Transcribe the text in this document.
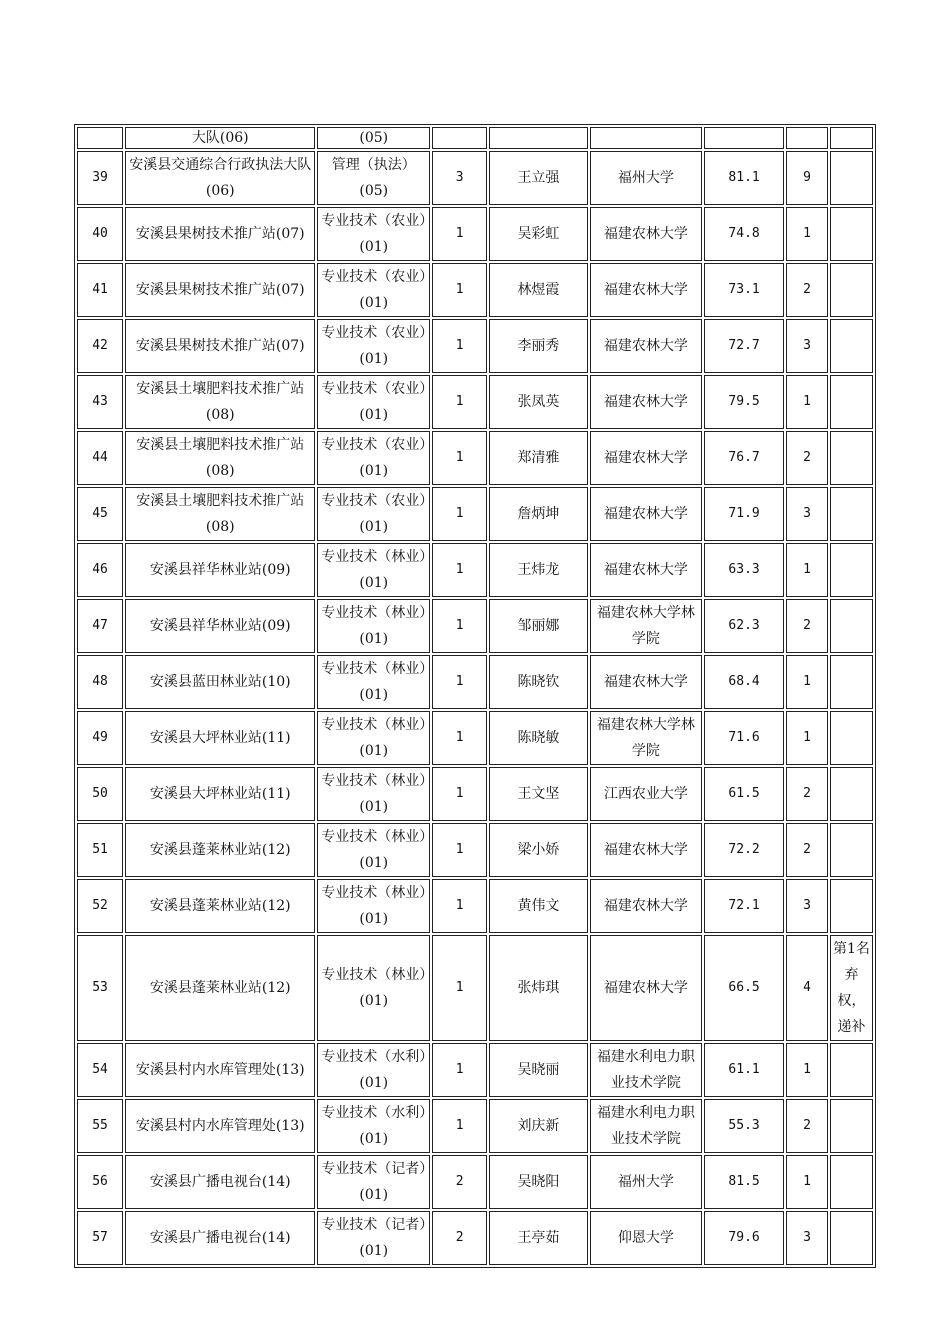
	大队(06)	(05)						
39	安溪县交通综合行政执法大队(06)	管理（执法）(05)	3	王立强	福州大学	81.1	9	
40	安溪县果树技术推广站(07)	专业技术（农业）(01)	1	吴彩虹	福建农林大学	74.8	1	
41	安溪县果树技术推广站(07)	专业技术（农业）(01)	1	林煜霞	福建农林大学	73.1	2	
42	安溪县果树技术推广站(07)	专业技术（农业）(01)	1	李丽秀	福建农林大学	72.7	3	
43	安溪县土壤肥料技术推广站(08)	专业技术（农业）(01)	1	张凤英	福建农林大学	79.5	1	
44	安溪县土壤肥料技术推广站(08)	专业技术（农业）(01)	1	郑清雅	福建农林大学	76.7	2	
45	安溪县土壤肥料技术推广站(08)	专业技术（农业）(01)	1	詹炳坤	福建农林大学	71.9	3	
46	安溪县祥华林业站(09)	专业技术（林业）(01)	1	王炜龙	福建农林大学	63.3	1	
47	安溪县祥华林业站(09)	专业技术（林业）(01)	1	邹丽娜	福建农林大学林学院	62.3	2	
48	安溪县蓝田林业站(10)	专业技术（林业）(01)	1	陈晓钦	福建农林大学	68.4	1	
49	安溪县大坪林业站(11)	专业技术（林业）(01)	1	陈晓敏	福建农林大学林学院	71.6	1	
50	安溪县大坪林业站(11)	专业技术（林业）(01)	1	王文坚	江西农业大学	61.5	2	
51	安溪县蓬莱林业站(12)	专业技术（林业）(01)	1	梁小娇	福建农林大学	72.2	2	
52	安溪县蓬莱林业站(12)	专业技术（林业）(01)	1	黄伟文	福建农林大学	72.1	3	
53	安溪县蓬莱林业站(12)	专业技术（林业）(01)	1	张炜琪	福建农林大学	66.5	4	第1名弃权，递补
54	安溪县村内水库管理处(13)	专业技术（水利）(01)	1	吴晓丽	福建水利电力职业技术学院	61.1	1	
55	安溪县村内水库管理处(13)	专业技术（水利）(01)	1	刘庆新	福建水利电力职业技术学院	55.3	2	
56	安溪县广播电视台(14)	专业技术（记者）(01)	2	吴晓阳	福州大学	81.5	1	
57	安溪县广播电视台(14)	专业技术（记者）(01)	2	王亭茹	仰恩大学	79.6	3	
